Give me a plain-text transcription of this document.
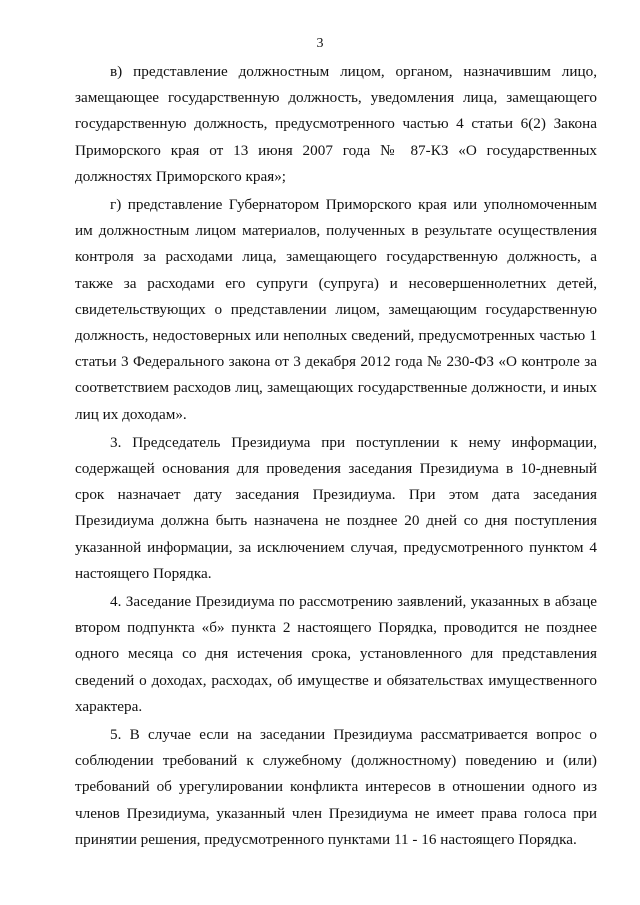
3

в) представление должностным лицом, органом, назначившим лицо, замещающее государственную должность, уведомления лица, замещающего государственную должность, предусмотренного частью 4 статьи 6(2) Закона Приморского края от 13 июня 2007 года № 87-КЗ «О государственных должностях Приморского края»;

г) представление Губернатором Приморского края или уполномоченным им должностным лицом материалов, полученных в результате осуществления контроля за расходами лица, замещающего государственную должность, а также за расходами его супруги (супруга) и несовершеннолетних детей, свидетельствующих о представлении лицом, замещающим государственную должность, недостоверных или неполных сведений, предусмотренных частью 1 статьи 3 Федерального закона от 3 декабря 2012 года № 230-ФЗ «О контроле за соответствием расходов лиц, замещающих государственные должности, и иных лиц их доходам».

3. Председатель Президиума при поступлении к нему информации, содержащей основания для проведения заседания Президиума в 10-дневный срок назначает дату заседания Президиума. При этом дата заседания Президиума должна быть назначена не позднее 20 дней со дня поступления указанной информации, за исключением случая, предусмотренного пунктом 4 настоящего Порядка.

4. Заседание Президиума по рассмотрению заявлений, указанных в абзаце втором подпункта «б» пункта 2 настоящего Порядка, проводится не позднее одного месяца со дня истечения срока, установленного для представления сведений о доходах, расходах, об имуществе и обязательствах имущественного характера.

5. В случае если на заседании Президиума рассматривается вопрос о соблюдении требований к служебному (должностному) поведению и (или) требований об урегулировании конфликта интересов в отношении одного из членов Президиума, указанный член Президиума не имеет права голоса при принятии решения, предусмотренного пунктами 11 - 16 настоящего Порядка.
